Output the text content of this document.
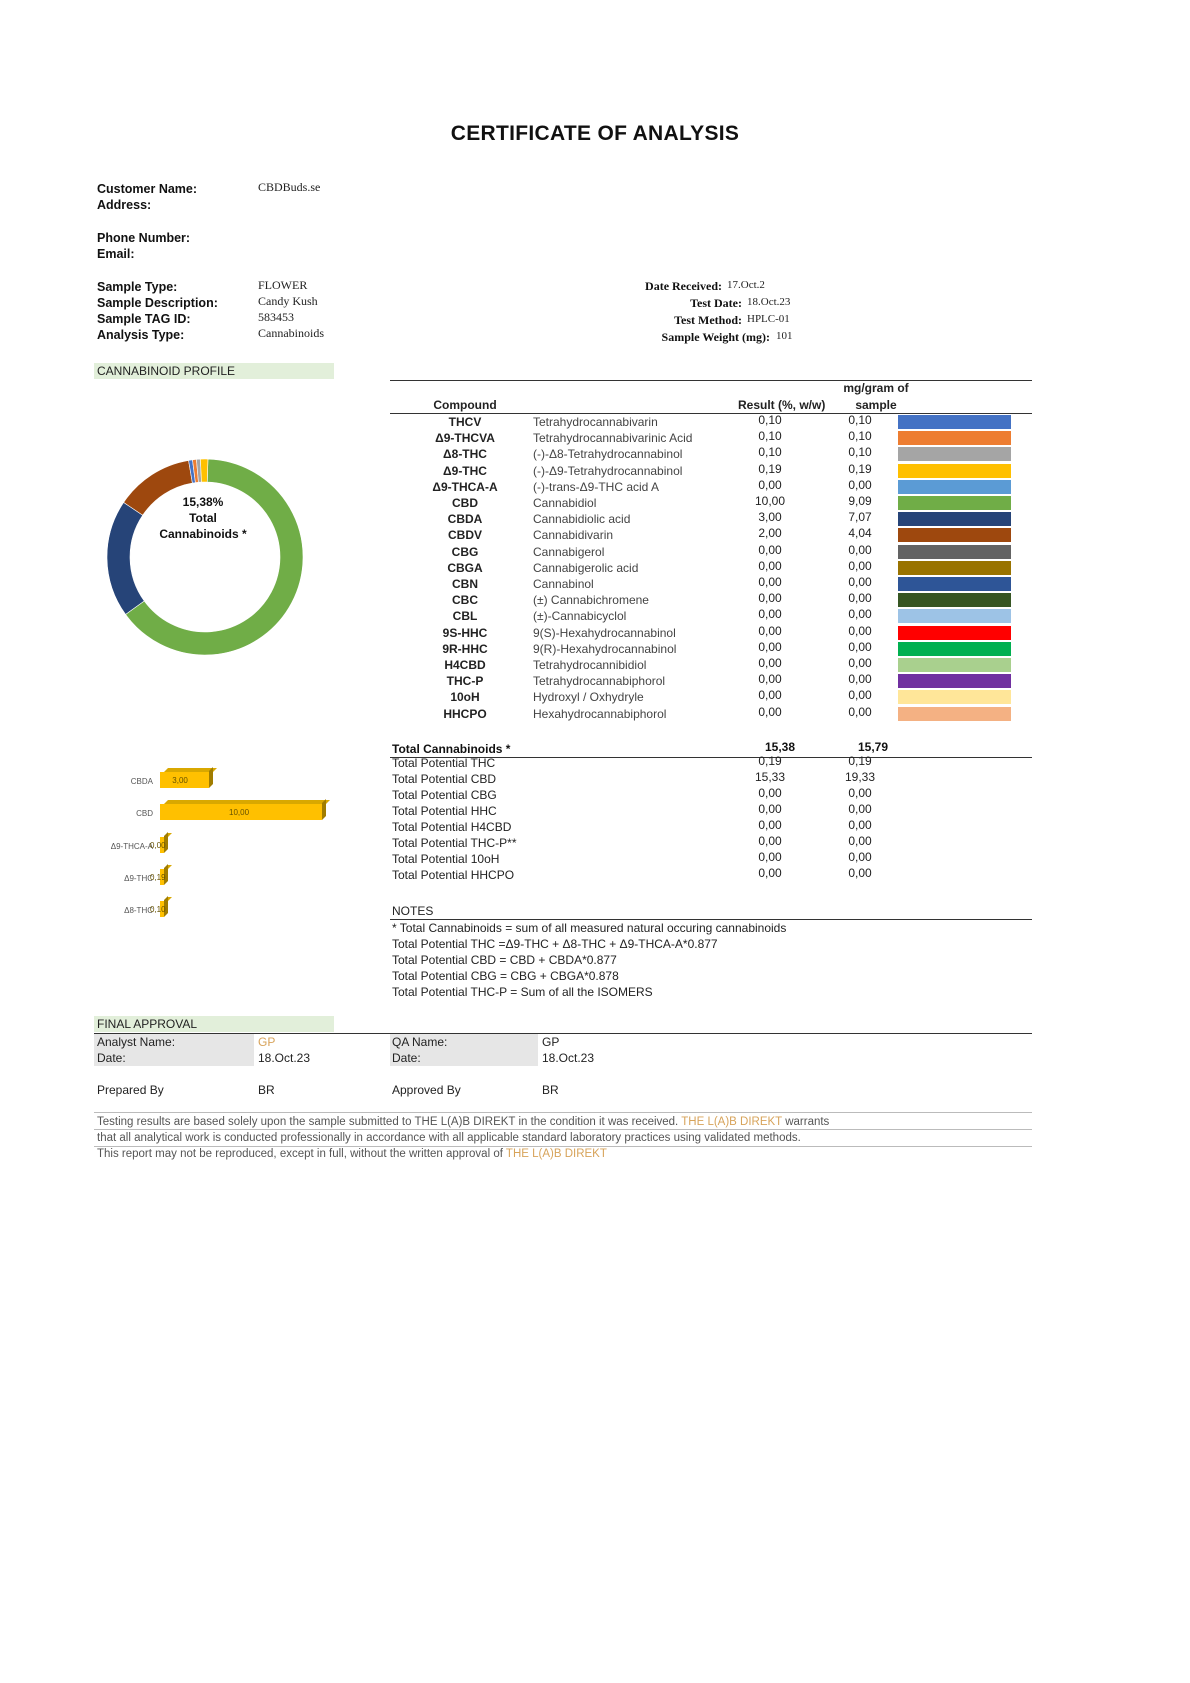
CERTIFICATE OF ANALYSIS
Customer Name:	CBDBuds.se
Address:
Phone Number:
Email:
Sample Type:	FLOWER
Sample Description:	Candy Kush
Sample TAG ID:	583453
Analysis Type:	Cannabinoids
Date Received: 17.Oct.2
Test Date: 18.Oct.23
Test Method: HPLC-01
Sample Weight (mg): 101
CANNABINOID PROFILE
Compound	Result (%, w/w)
mg/gram of
sample
THCV	Tetrahydrocannabivarin	0,10	0,10
Δ9-THCVA	Tetrahydrocannabivarinic Acid	0,10	0,10
Δ8-THC	(-)-Δ8-Tetrahydrocannabinol	0,10	0,10
Δ9-THC	(-)-Δ9-Tetrahydrocannabinol	0,19	0,19
Δ9-THCA-A	(-)-trans-Δ9-THC acid A	0,00	0,00
CBD	Cannabidiol	10,00	9,09
CBDA	Cannabidiolic acid	3,00	7,07
CBDV	Cannabidivarin	2,00	4,04
CBG	Cannabigerol	0,00	0,00
CBGA	Cannabigerolic acid	0,00	0,00
CBN	Cannabinol	0,00	0,00
CBC	(±) Cannabichromene	0,00	0,00
CBL	(±)-Cannabicyclol	0,00	0,00
9S-HHC	9(S)-Hexahydrocannabinol	0,00	0,00
9R-HHC	9(R)-Hexahydrocannabinol	0,00	0,00
H4CBD	Tetrahydrocannibidiol	0,00	0,00
THC-P	Tetrahydrocannabiphorol	0,00	0,00
10oH	Hydroxyl / Oxhydryle	0,00	0,00
HHCPO	Hexahydrocannabiphorol	0,00	0,00
15,38%
Total
Cannabinoids *
CBDA 3,00
CBD	10,00
Δ9-THCA-A
0,00
Δ9-THC
0,19
Δ8-THC
0,10
Total Cannabinoids *	15,38	15,79
Total Potential THC	0,19	0,19
Total Potential CBD	15,33	19,33
Total Potential CBG	0,00	0,00
Total Potential HHC	0,00	0,00
Total Potential H4CBD	0,00	0,00
Total Potential THC-P**	0,00	0,00
Total Potential 10oH	0,00	0,00
Total Potential HHCPO	0,00	0,00
NOTES
* Total Cannabinoids = sum of all measured natural occuring cannabinoids
Total Potential THC =Δ9-THC + Δ8-THC + Δ9-THCA-A*0.877
Total Potential CBD = CBD + CBDA*0.877
Total Potential CBG = CBG + CBGA*0.878
Total Potential THC-P = Sum of all the ISOMERS
FINAL APPROVAL
Analyst Name:	GP
Date:	18.Oct.23
QA Name:	GP
Date:	18.Oct.23
Prepared By	BR	Approved By	BR
Testing results are based solely upon the sample submitted to THE L(A)B DIREKT in the condition it was received. THE L(A)B DIREKT warrants
that all analytical work is conducted professionally in accordance with all applicable standard laboratory practices using validated methods.
This report may not be reproduced, except in full, without the written approval of THE L(A)B DIREKT
